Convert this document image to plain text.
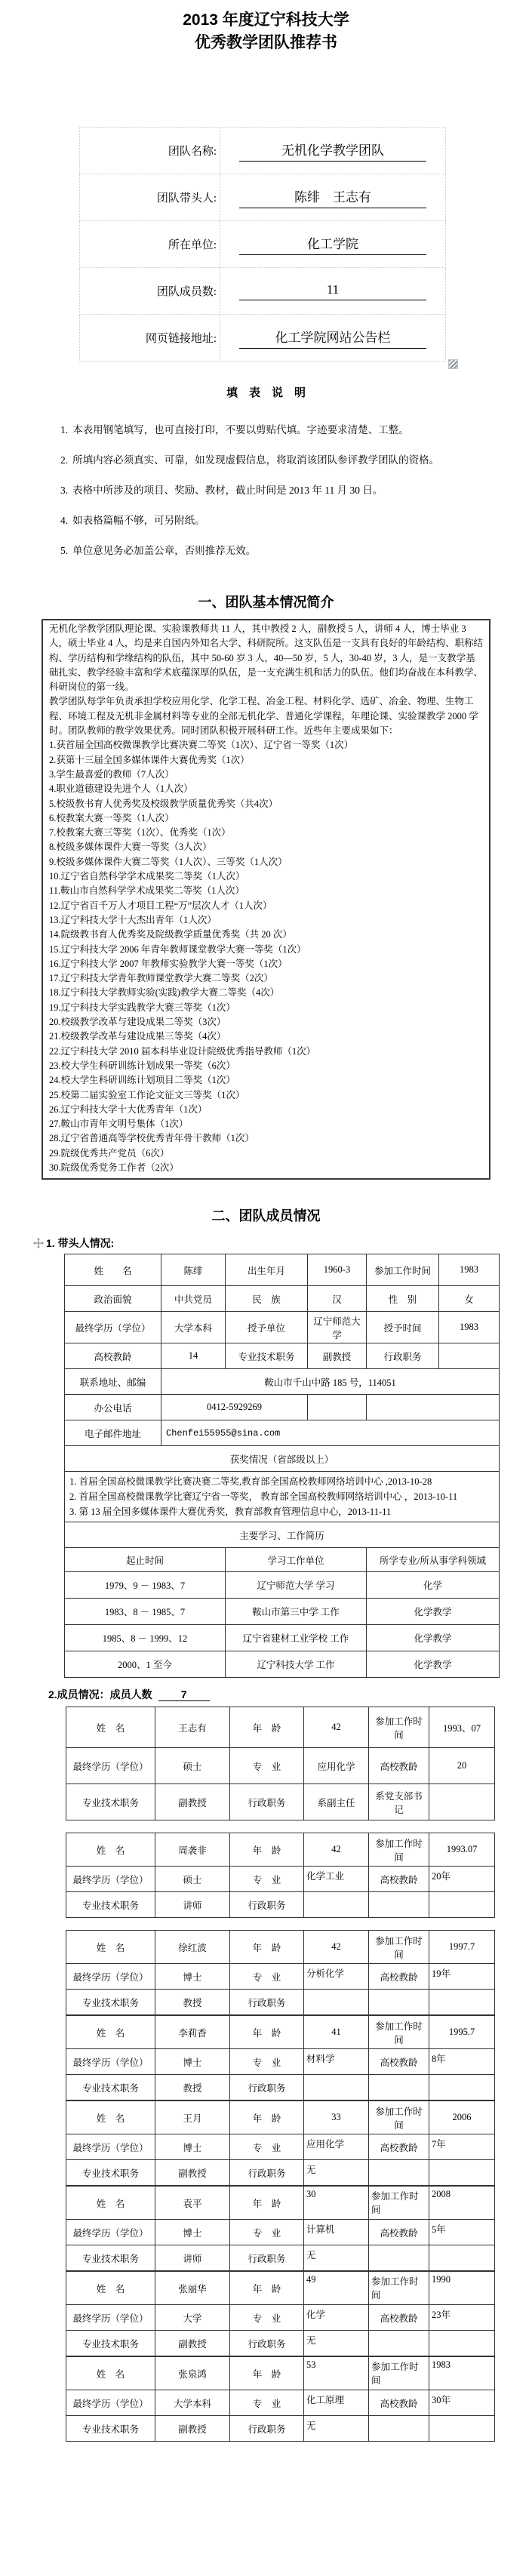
2013 年度辽宁科技大学
优秀教学团队推荐书
团队名称:	无机化学教学团队
团队带头人:	陈绯　王志有
所在单位:	化工学院
团队成员数:	11
网页链接地址:	化工学院网站公告栏
填表说明

1. 本表用钢笔填写，也可直接打印，不要以剪贴代填。字迹要求清楚、工整。

2. 所填内容必须真实、可靠，如发现虚假信息，将取消该团队参评教学团队的资格。

3. 表格中所涉及的项目、奖励、教材，截止时间是 2013 年 11 月 30 日。

4. 如表格篇幅不够，可另附纸。

5. 单位意见务必加盖公章，否则推荐无效。

一、团队基本情况简介

无机化学教学团队理论课、实验课教师共 11 人，其中教授 2 人，副教授 5 人，讲师 4 人，博士毕业 3 人，硕士毕业 4 人，均是来自国内外知名大学、科研院所。这支队伍是一支具有良好的年龄结构、职称结构、学历结构和学缘结构的队伍，其中 50-60 岁 3 人，40—50 岁，5 人，30-40 岁，3 人，是一支教学基础扎实、教学经验丰富和学术底蕴深厚的队伍，是一支充满生机和活力的队伍。他们均奋战在本科教学、科研岗位的第一线。

教学团队每学年负责承担学校应用化学、化学工程、冶金工程、材料化学、选矿、冶金、物理、生物工程、环境工程及无机非金属材料等专业的全部无机化学、普通化学课程，年理论课、实验课教学 2000 学时。团队教师的教学效果优秀。同时团队积极开展科研工作。近些年主要成果如下：

1.获首届全国高校微课教学比赛决赛二等奖（1次）、辽宁省一等奖（1次）

2.获第十三届全国多媒体课件大赛优秀奖（1次）

3.学生最喜爱的教师（7人次）

4.职业道德建设先进个人（1人次）

5.校级教书育人优秀奖及校级教学质量优秀奖（共4次）

6.校教案大赛一等奖（1人次）

7.校教案大赛三等奖（1次）、优秀奖（1次）

8.校级多媒体课件大赛一等奖（3人次）

9.校级多媒体课件大赛二等奖（1人次）、三等奖（1人次）

10.辽宁省自然科学学术成果奖二等奖（1人次）

11.鞍山市自然科学学术成果奖二等奖（1人次）

12.辽宁省百千万人才项目工程“万”层次人才（1人次）

13.辽宁科技大学十大杰出青年（1人次）

14.院级教书育人优秀奖及院级教学质量优秀奖（共 20 次）

15.辽宁科技大学 2006 年青年教师课堂教学大赛一等奖（1次）

16.辽宁科技大学 2007 年教师实验教学大赛一等奖（1次）

17.辽宁科技大学青年教师课堂教学大赛二等奖（2次）

18.辽宁科技大学教师实验(实践)教学大赛二等奖（4次）

19.辽宁科技大学实践教学大赛三等奖（1次）

20.校级教学改革与建设成果二等奖（3次）

21.校级教学改革与建设成果三等奖（4次）

22.辽宁科技大学 2010 届本科毕业设计院级优秀指导教师（1次）

23.校大学生科研训练计划成果一等奖（6次）

24.校大学生科研训练计划项目二等奖（1次）

25.校第二届实验室工作论文征文三等奖（1次）

26.辽宁科技大学十大优秀青年（1次）

27.鞍山市青年文明号集体（1次）

28.辽宁省普通高等学校优秀青年骨干教师（1次）

29.院级优秀共产党员（6次）

30.院级优秀党务工作者（2次）

二、团队成员情况
1. 带头人情况:
姓　　名	陈绯	出生年月	1960-3	参加工作时间	1983
政治面貌	中共党员	民　族	汉	性　别	女
最终学历（学位）	大学本科	授予单位	辽宁师范大学	授予时间	1983
高校教龄	14	专业技术职务	副教授	行政职务	
联系地址、邮编	鞍山市千山中路 185 号，114051				
办公电话	0412-5929269				
电子邮件地址	Chenfei55955@sina.com				
获奖情况（省部级以上）					

1. 首届全国高校微课教学比赛决赛二等奖,教育部全国高校教师网络培训中心 ,2013-10-28

2. 首届全国高校微课教学比赛辽宁省一等奖， 教育部全国高校教师网络培训中心 ，2013-10-11

3. 第 13 届全国多媒体课件大赛优秀奖，教育部教育管理信息中心，2013-11-11					

主要学习、工作简历					
起止时间		学习工作单位		所学专业/所从事学科领域	
1979、9 － 1983、7		辽宁师范大学 学习		化学	
1983、8 － 1985、7		鞍山市第三中学 工作		化学教学	
1985、8 － 1999、12		辽宁省建材工业学校 工作		化学教学	
2000、1 至今		辽宁科技大学 工作		化学教学	
2.成员情况：成员人数	7
姓　名	王志有	年　龄	42	参加工作时间	1993、07
最终学历（学位）	硕士	专　业	应用化学	高校教龄	20
专业技术职务	副教授	行政职务	系副主任	系党支部书记	
姓　名	周袭非	年　龄	42	参加工作时间	1993.07
最终学历（学位）	硕士	专　业	化学工业	高校教龄	20年
专业技术职务	讲师	行政职务			
姓　名	徐红波	年　龄	42	参加工作时间	1997.7
最终学历（学位）	博士	专　业	分析化学	高校教龄	19年
专业技术职务	教授	行政职务			
姓　名	李莉香	年　龄	41	参加工作时间	1995.7
最终学历（学位）	博士	专　业	材料学	高校教龄	8年
专业技术职务	教授	行政职务			
姓　名	王月	年　龄	33	参加工作时间	2006
最终学历（学位）	博士	专　业	应用化学	高校教龄	7年
专业技术职务	副教授	行政职务	无		
姓　名	袁平	年　龄	30	参加工作时间	2008
最终学历（学位）	博士	专　业	计算机	高校教龄	5年
专业技术职务	讲师	行政职务	无		
姓　名	张丽华	年　龄	49	参加工作时间	1990
最终学历（学位）	大学	专　业	化学	高校教龄	23年
专业技术职务	副教授	行政职务	无		
姓　名	张泉鸿	年　龄	53	参加工作时间	1983
最终学历（学位）	大学本科	专　业	化工原理	高校教龄	30年
专业技术职务	副教授	行政职务	无		
